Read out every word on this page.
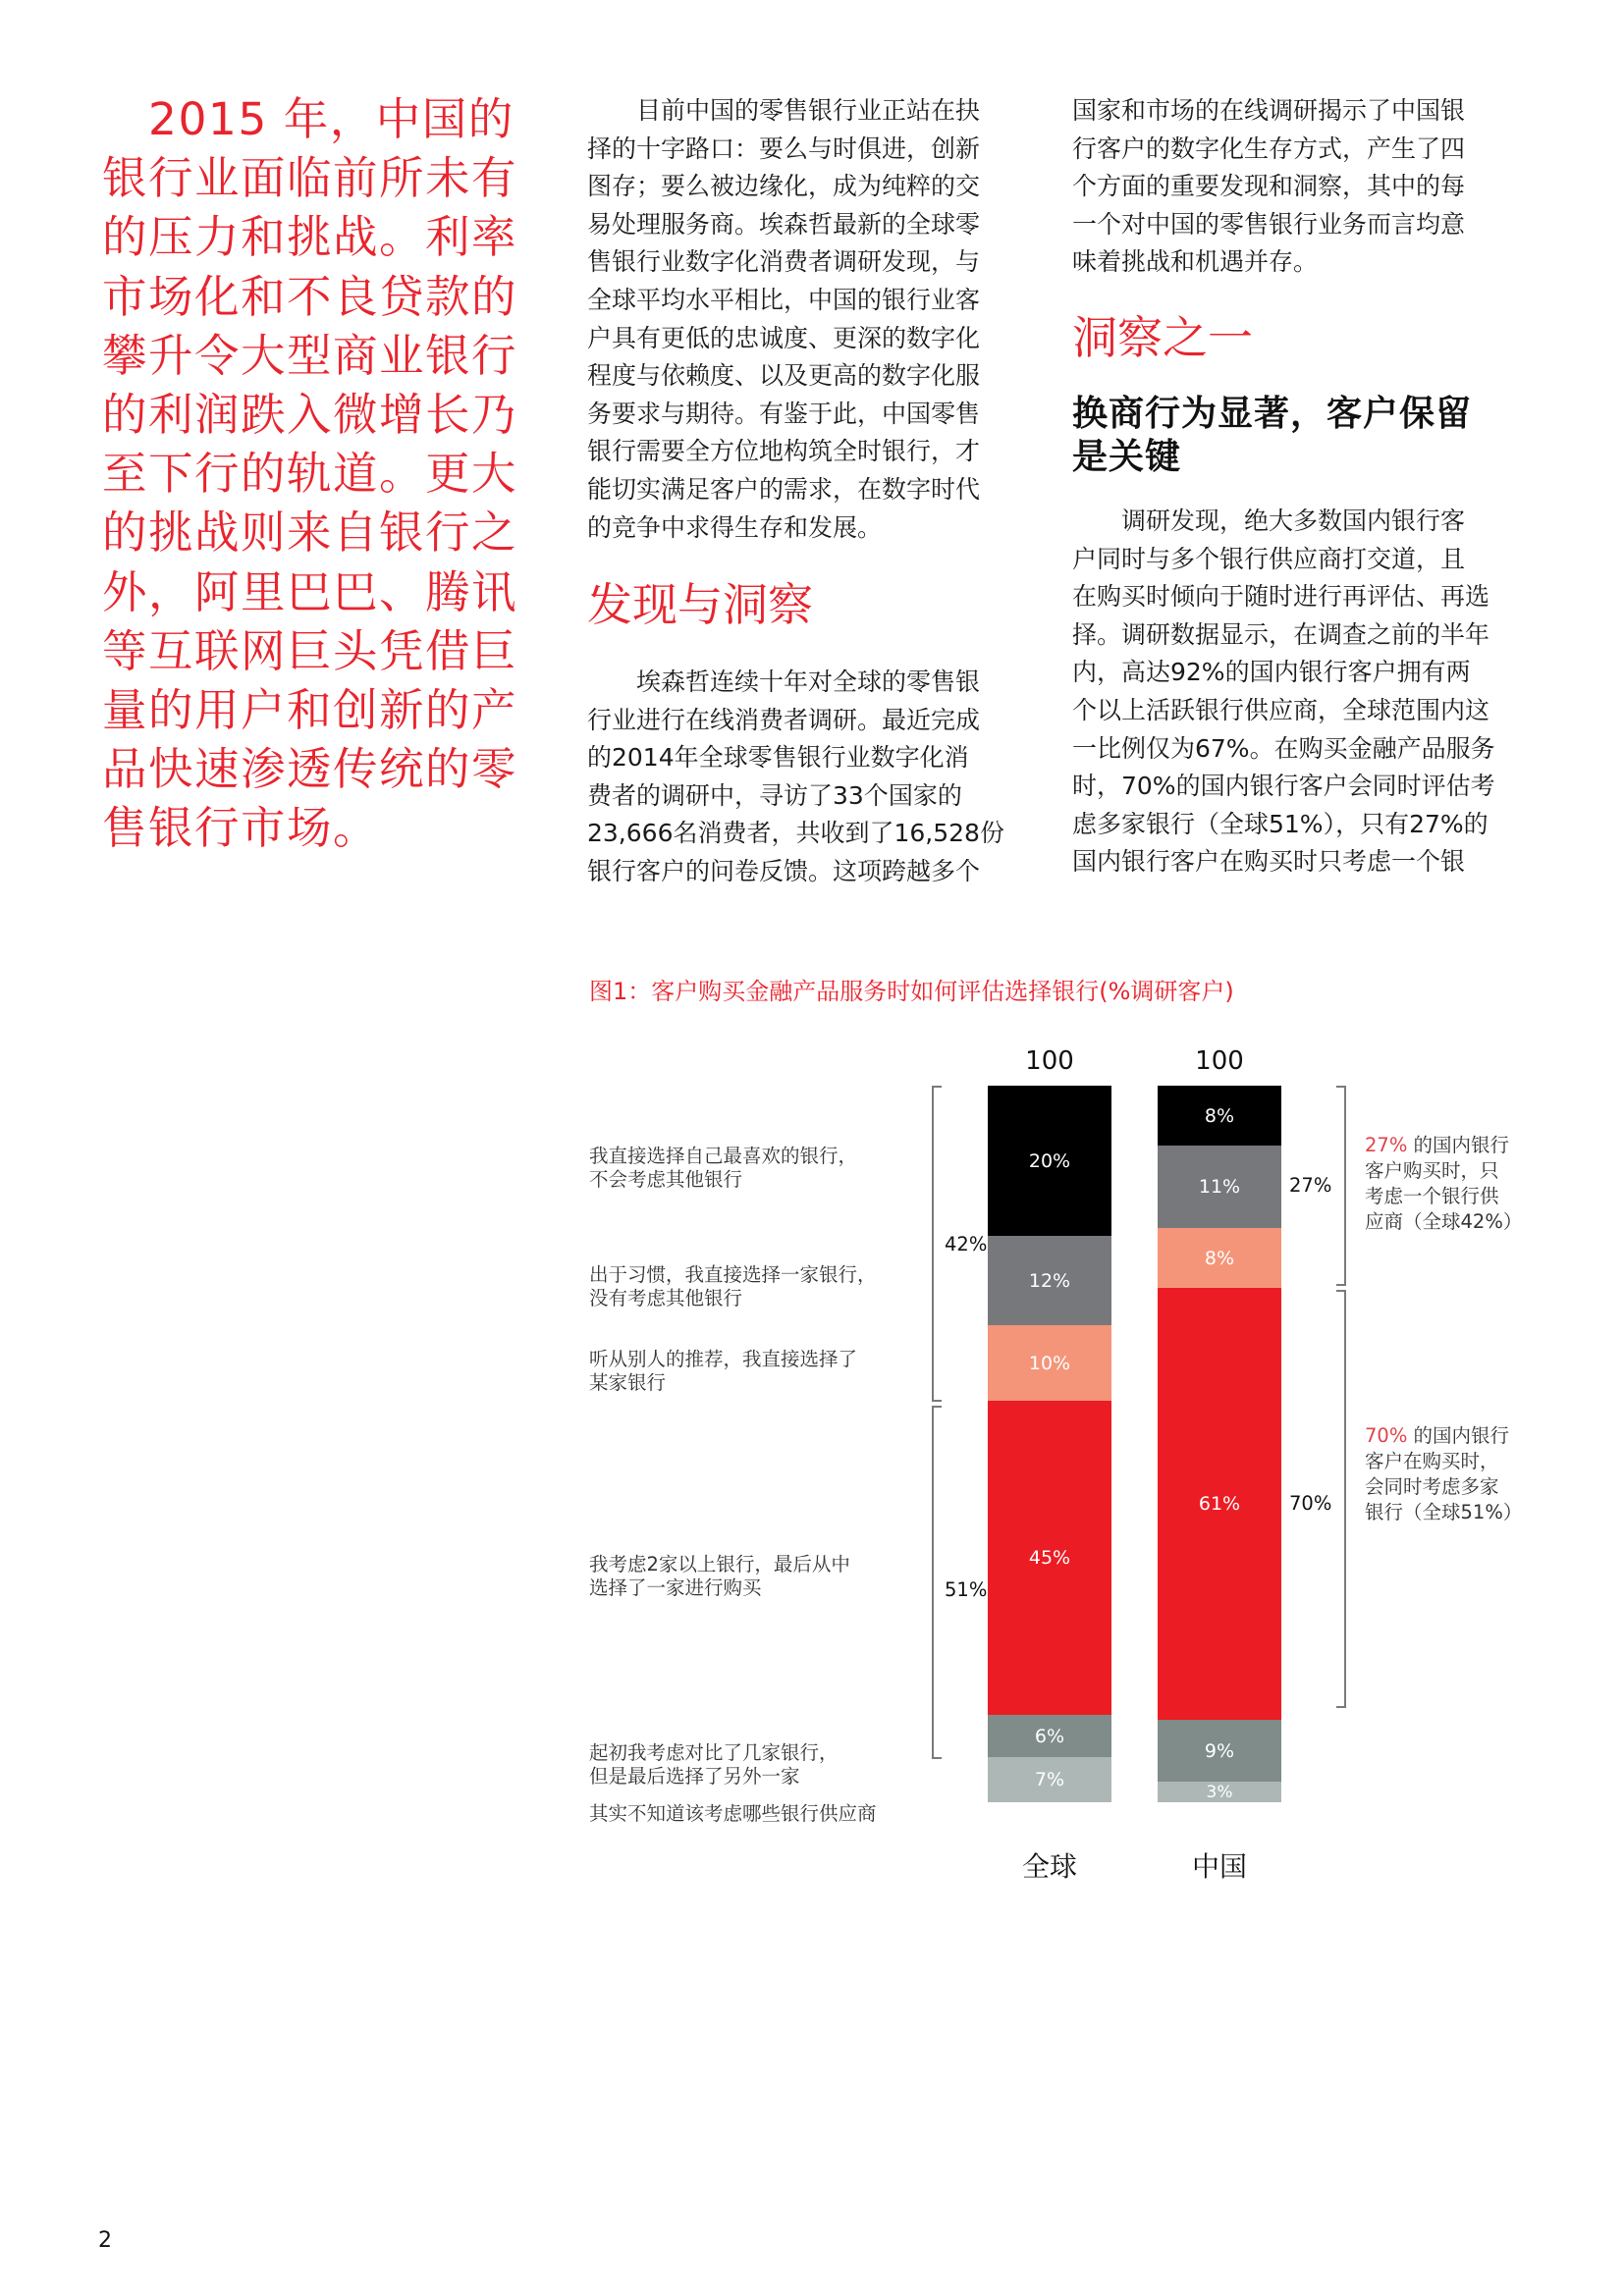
　2015 年，中国的
银行业面临前所未有
的压力和挑战。利率
市场化和不良贷款的
攀升令大型商业银行
的利润跌入微增长乃
至下行的轨道。更大
的挑战则来自银行之
外，阿里巴巴、腾讯
等互联网巨头凭借巨
量的用户和创新的产
品快速渗透传统的零
售银行市场。
　　目前中国的零售银行业正站在抉
择的十字路口：要么与时俱进，创新
图存；要么被边缘化，成为纯粹的交
易处理服务商。埃森哲最新的全球零
售银行业数字化消费者调研发现，与
全球平均水平相比，中国的银行业客
户具有更低的忠诚度、更深的数字化
程度与依赖度、以及更高的数字化服
务要求与期待。有鉴于此，中国零售
银行需要全方位地构筑全时银行，才
能切实满足客户的需求，在数字时代
的竞争中求得生存和发展。
发现与洞察
　　埃森哲连续十年对全球的零售银
行业进行在线消费者调研。最近完成
的2014年全球零售银行业数字化消
费者的调研中，寻访了33个国家的
23,666名消费者，共收到了16,528份
银行客户的问卷反馈。这项跨越多个
国家和市场的在线调研揭示了中国银
行客户的数字化生存方式，产生了四
个方面的重要发现和洞察，其中的每
一个对中国的零售银行业务而言均意
味着挑战和机遇并存。
洞察之一
换商行为显著，客户保留
是关键
　　调研发现，绝大多数国内银行客
户同时与多个银行供应商打交道，且
在购买时倾向于随时进行再评估、再选
择。调研数据显示，在调查之前的半年
内，高达92%的国内银行客户拥有两
个以上活跃银行供应商，全球范围内这
一比例仅为67%。在购买金融产品服务
时，70%的国内银行客户会同时评估考
虑多家银行（全球51%），只有27%的
国内银行客户在购买时只考虑一个银
图1：客户购买金融产品服务时如何评估选择银行(%调研客户)
我直接选择自己最喜欢的银行，
不会考虑其他银行
出于习惯，我直接选择一家银行，
没有考虑其他银行
听从别人的推荐，我直接选择了
某家银行
我考虑2家以上银行，最后从中
选择了一家进行购买
起初我考虑对比了几家银行，
但是最后选择了另外一家
其实不知道该考虑哪些银行供应商
42%
51%
100	100
20%
12%
10%
45%
6%
7%
8%
11%
8%
61%
9%
3%
27%
70%
27% 的国内银行
客户购买时，只
考虑一个银行供
应商（全球42%）
70% 的国内银行
客户在购买时，
会同时考虑多家
银行（全球51%）
全球	中国
2
